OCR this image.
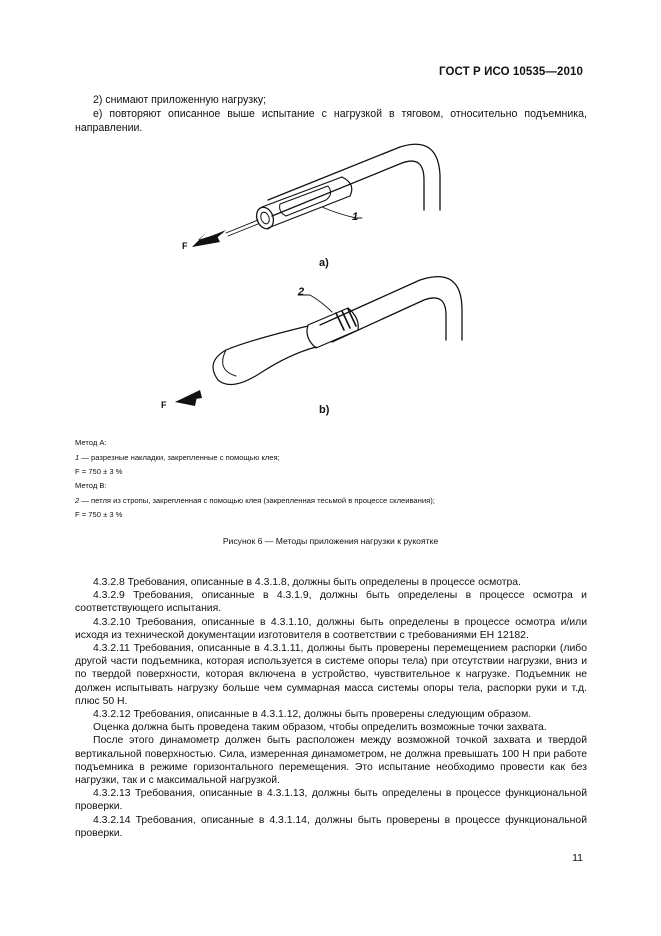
ГОСТ Р ИСО 10535—2010
2) снимают приложенную нагрузку;
е) повторяют описанное выше испытание с нагрузкой в тяговом, относительно подъемника, направлении.
1
2
F
F
а)
b)
Метод А:
1 — разрезные накладки, закрепленные с помощью клея;
F = 750 ± 3 %
Метод В:
2 — петля из стропы, закрепленная с помощью клея (закрепленная тесьмой в процессе склеивания);
F = 750 ± 3 %
Рисунок 6 — Методы приложения нагрузки к рукоятке

4.3.2.8 Требования, описанные в 4.3.1.8, должны быть определены в процессе осмотра.

4.3.2.9 Требования, описанные в 4.3.1.9, должны быть определены в процессе осмотра и соответствующего испытания.

4.3.2.10 Требования, описанные в 4.3.1.10, должны быть определены в процессе осмотра и/или исходя из технической документации изготовителя в соответствии с требованиями ЕН 12182.

4.3.2.11 Требования, описанные в 4.3.1.11, должны быть проверены перемещением распорки (либо другой части подъемника, которая используется в системе опоры тела) при отсутствии нагрузки, вниз и по твердой поверхности, которая включена в устройство, чувствительное к нагрузке. Подъемник не должен испытывать нагрузку больше чем суммарная масса системы опоры тела, распорки руки и т.д. плюс 50 Н.

4.3.2.12 Требования, описанные в 4.3.1.12, должны быть проверены следующим образом.

Оценка должна быть проведена таким образом, чтобы определить возможные точки захвата.

После этого динамометр должен быть расположен между возможной точкой захвата и твердой вертикальной поверхностью. Сила, измеренная динамометром, не должна превышать 100 Н при работе подъемника в режиме горизонтального перемещения. Это испытание необходимо провести как без нагрузки, так и с максимальной нагрузкой.

4.3.2.13 Требования, описанные в 4.3.1.13, должны быть определены в процессе функциональной проверки.

4.3.2.14 Требования, описанные в 4.3.1.14, должны быть проверены в процессе функциональной проверки.

11
